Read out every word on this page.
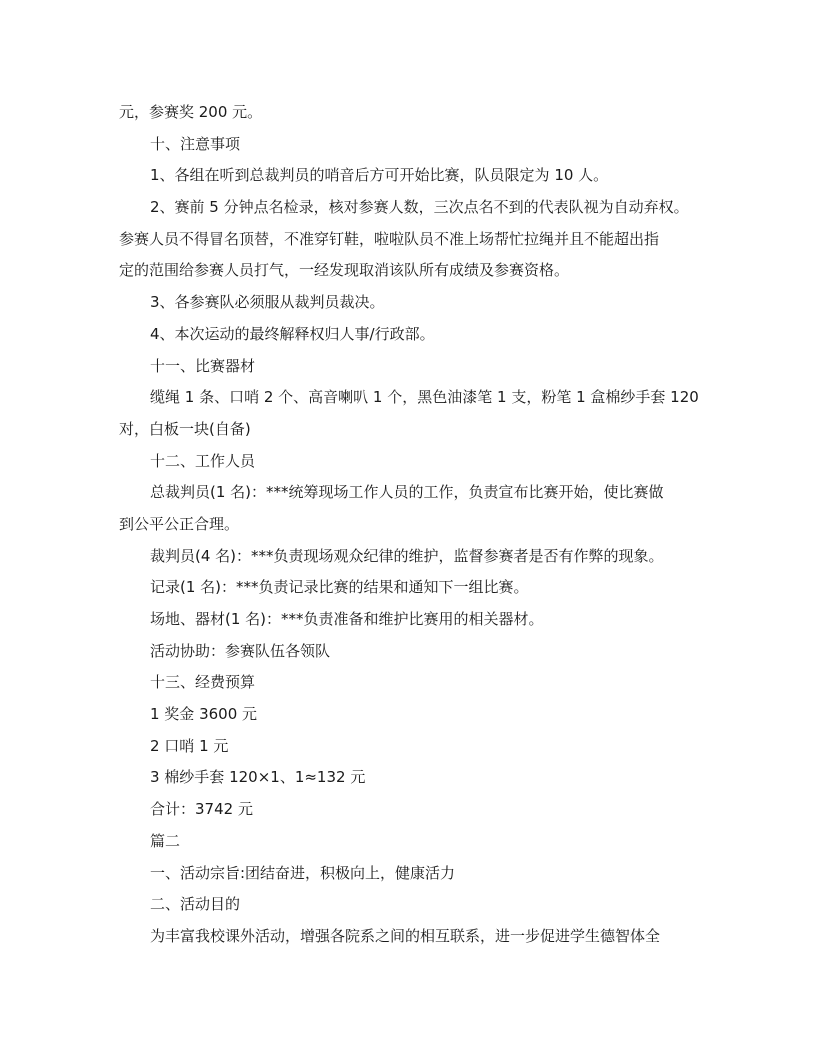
元，参赛奖 200 元。
十、注意事项
1、各组在听到总裁判员的哨音后方可开始比赛，队员限定为 10 人。
2、赛前 5 分钟点名检录，核对参赛人数，三次点名不到的代表队视为自动弃权。
参赛人员不得冒名顶替，不准穿钉鞋，啦啦队员不准上场帮忙拉绳并且不能超出指
定的范围给参赛人员打气，一经发现取消该队所有成绩及参赛资格。
3、各参赛队必须服从裁判员裁决。
4、本次运动的最终解释权归人事/行政部。
十一、比赛器材
缆绳 1 条、口哨 2 个、高音喇叭 1 个，黑色油漆笔 1 支，粉笔 1 盒棉纱手套 120
对，白板一块(自备)
十二、工作人员
总裁判员(1 名)：***统筹现场工作人员的工作，负责宣布比赛开始，使比赛做
到公平公正合理。
裁判员(4 名)：***负责现场观众纪律的维护，监督参赛者是否有作弊的现象。
记录(1 名)：***负责记录比赛的结果和通知下一组比赛。
场地、器材(1 名)：***负责准备和维护比赛用的相关器材。
活动协助：参赛队伍各领队
十三、经费预算
1 奖金 3600 元
2 口哨 1 元
3 棉纱手套 120×1、1≈132 元
合计：3742 元
篇二
一、活动宗旨:团结奋进，积极向上，健康活力
二、活动目的
为丰富我校课外活动，增强各院系之间的相互联系，进一步促进学生德智体全
